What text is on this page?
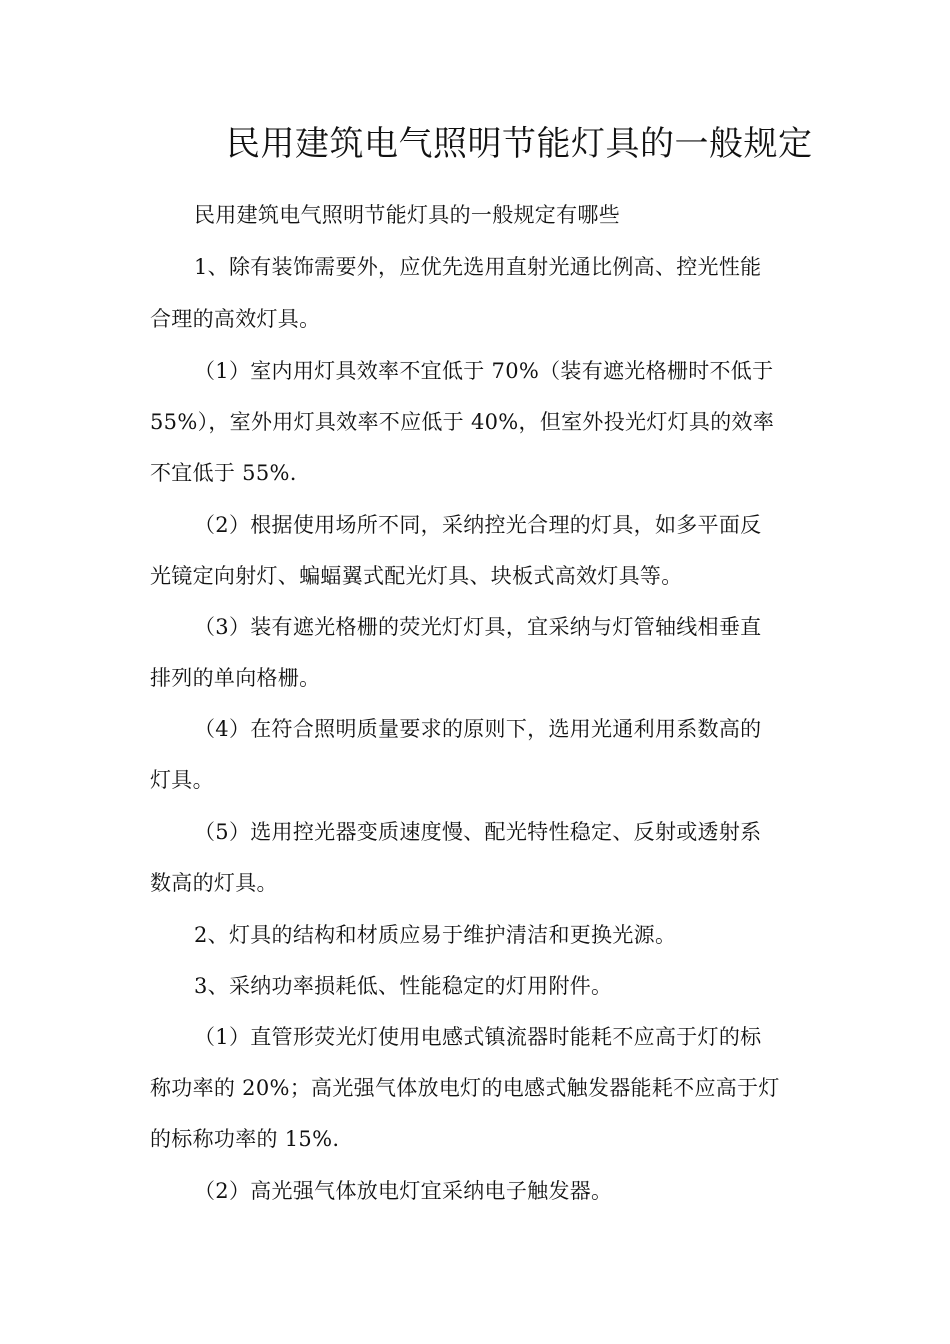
民用建筑电气照明节能灯具的一般规定
民用建筑电气照明节能灯具的一般规定有哪些
1、除有装饰需要外，应优先选用直射光通比例高、控光性能
合理的高效灯具。
（1）室内用灯具效率不宜低于 70%（装有遮光格栅时不低于
55%），室外用灯具效率不应低于 40%，但室外投光灯灯具的效率
不宜低于 55%.
（2）根据使用场所不同，采纳控光合理的灯具，如多平面反
光镜定向射灯、蝙蝠翼式配光灯具、块板式高效灯具等。
（3）装有遮光格栅的荧光灯灯具，宜采纳与灯管轴线相垂直
排列的单向格栅。
（4）在符合照明质量要求的原则下，选用光通利用系数高的
灯具。
（5）选用控光器变质速度慢、配光特性稳定、反射或透射系
数高的灯具。
2、灯具的结构和材质应易于维护清洁和更换光源。
3、采纳功率损耗低、性能稳定的灯用附件。
（1）直管形荧光灯使用电感式镇流器时能耗不应高于灯的标
称功率的 20%；高光强气体放电灯的电感式触发器能耗不应高于灯
的标称功率的 15%.
（2）高光强气体放电灯宜采纳电子触发器。
